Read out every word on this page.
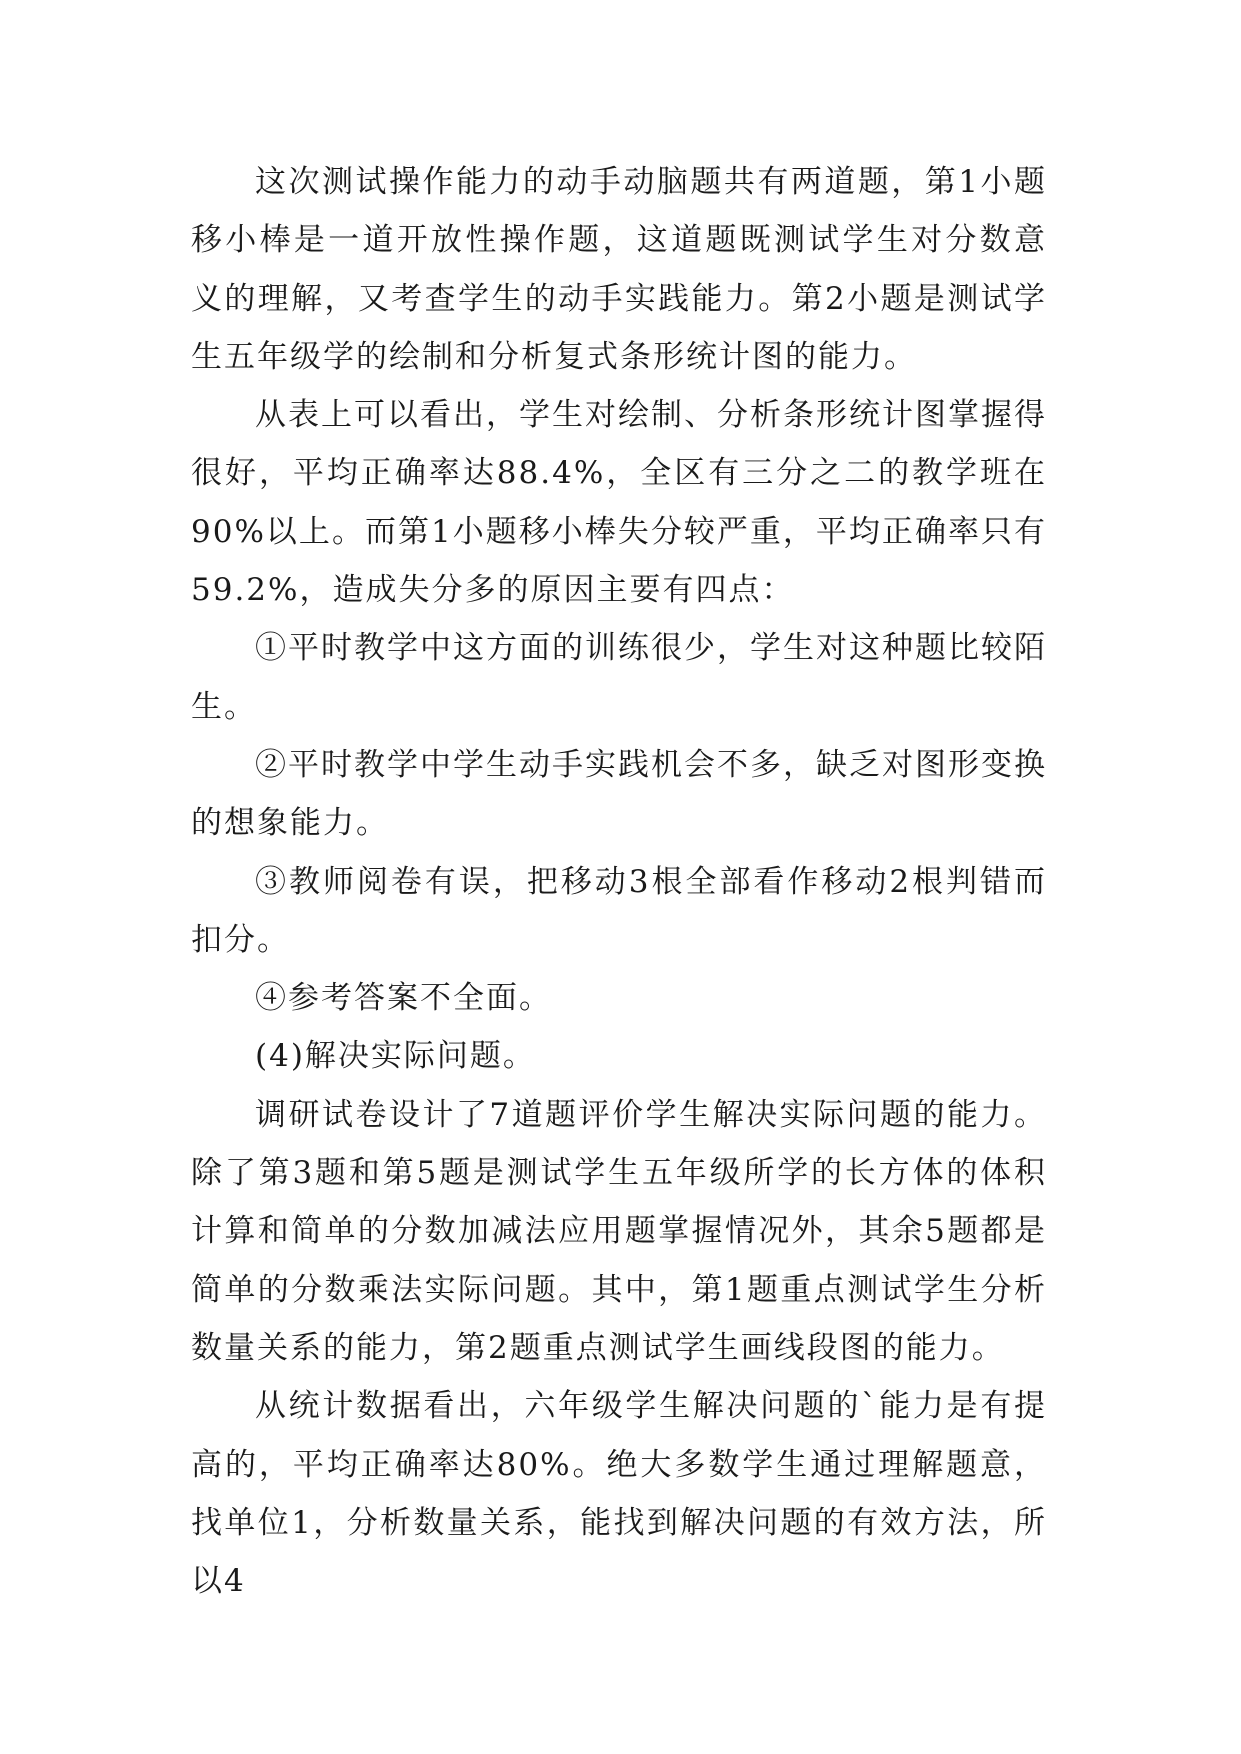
这次测试操作能力的动手动脑题共有两道题，第1小题移小棒是一道开放性操作题，这道题既测试学生对分数意义的理解，又考查学生的动手实践能力。第2小题是测试学生五年级学的绘制和分析复式条形统计图的能力。

从表上可以看出，学生对绘制、分析条形统计图掌握得很好，平均正确率达88.4%，全区有三分之二的教学班在90%以上。而第1小题移小棒失分较严重，平均正确率只有59.2%，造成失分多的原因主要有四点：

①平时教学中这方面的训练很少，学生对这种题比较陌生。

②平时教学中学生动手实践机会不多，缺乏对图形变换的想象能力。

③教师阅卷有误，把移动3根全部看作移动2根判错而扣分。

④参考答案不全面。

(4)解决实际问题。

调研试卷设计了7道题评价学生解决实际问题的能力。除了第3题和第5题是测试学生五年级所学的长方体的体积计算和简单的分数加减法应用题掌握情况外，其余5题都是简单的分数乘法实际问题。其中，第1题重点测试学生分析数量关系的能力，第2题重点测试学生画线段图的能力。

从统计数据看出，六年级学生解决问题的`能力是有提高的，平均正确率达80%。绝大多数学生通过理解题意，找单位1，分析数量关系，能找到解决问题的有效方法，所以4
